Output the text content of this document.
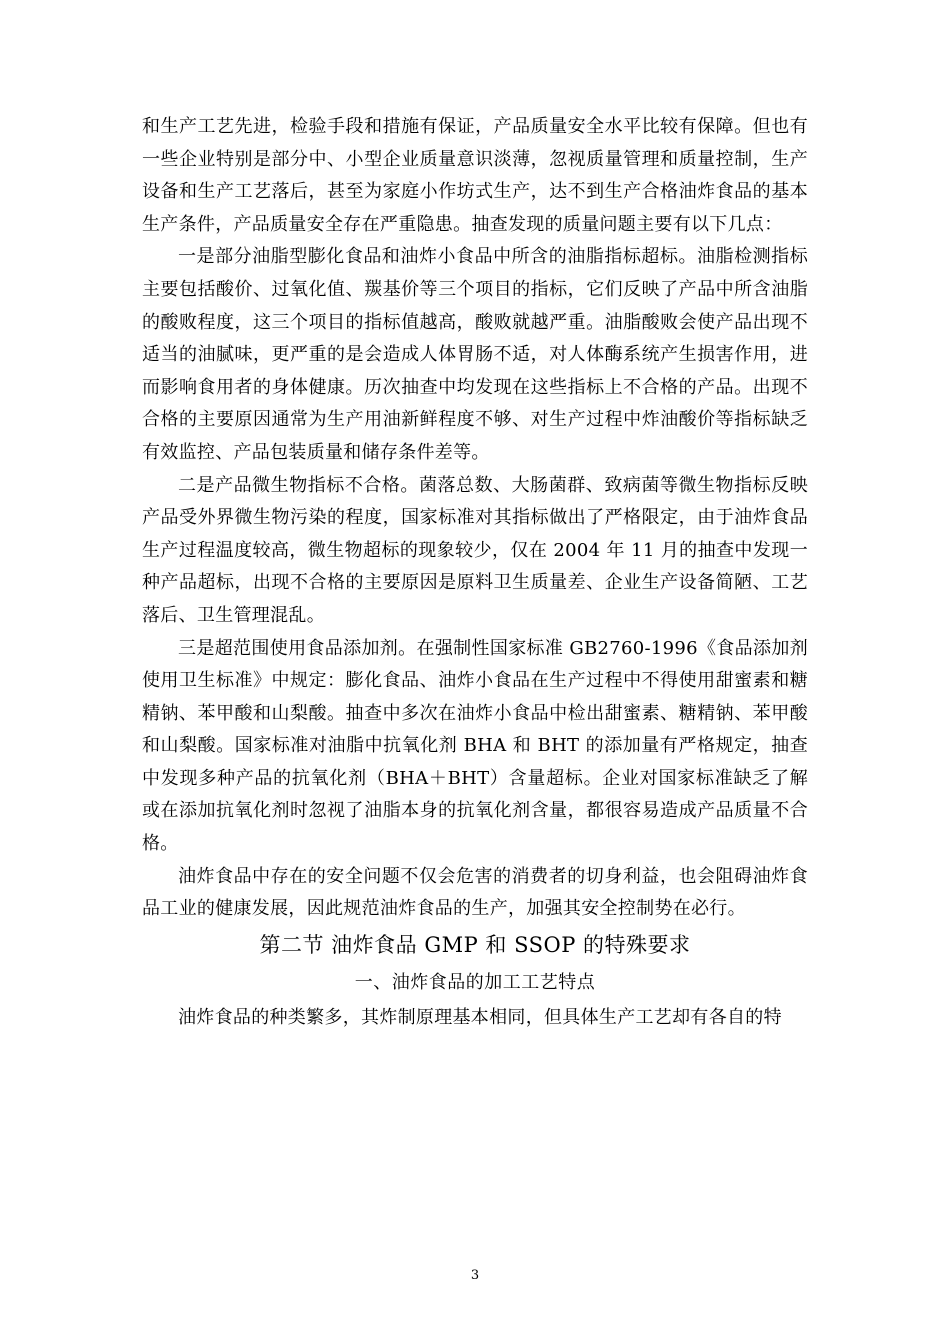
和生产工艺先进，检验手段和措施有保证，产品质量安全水平比较有保障。但也有一些企业特别是部分中、小型企业质量意识淡薄，忽视质量管理和质量控制，生产设备和生产工艺落后，甚至为家庭小作坊式生产，达不到生产合格油炸食品的基本生产条件，产品质量安全存在严重隐患。抽查发现的质量问题主要有以下几点：

一是部分油脂型膨化食品和油炸小食品中所含的油脂指标超标。油脂检测指标主要包括酸价、过氧化值、羰基价等三个项目的指标，它们反映了产品中所含油脂的酸败程度，这三个项目的指标值越高，酸败就越严重。油脂酸败会使产品出现不适当的油腻味，更严重的是会造成人体胃肠不适，对人体酶系统产生损害作用，进而影响食用者的身体健康。历次抽查中均发现在这些指标上不合格的产品。出现不合格的主要原因通常为生产用油新鲜程度不够、对生产过程中炸油酸价等指标缺乏有效监控、产品包装质量和储存条件差等。

二是产品微生物指标不合格。菌落总数、大肠菌群、致病菌等微生物指标反映产品受外界微生物污染的程度，国家标准对其指标做出了严格限定，由于油炸食品生产过程温度较高，微生物超标的现象较少，仅在 2004 年 11 月的抽查中发现一种产品超标，出现不合格的主要原因是原料卫生质量差、企业生产设备简陋、工艺落后、卫生管理混乱。

三是超范围使用食品添加剂。在强制性国家标准 GB2760-1996《食品添加剂使用卫生标准》中规定：膨化食品、油炸小食品在生产过程中不得使用甜蜜素和糖精钠、苯甲酸和山梨酸。抽查中多次在油炸小食品中检出甜蜜素、糖精钠、苯甲酸和山梨酸。国家标准对油脂中抗氧化剂 BHA 和 BHT 的添加量有严格规定，抽查中发现多种产品的抗氧化剂（BHA＋BHT）含量超标。企业对国家标准缺乏了解或在添加抗氧化剂时忽视了油脂本身的抗氧化剂含量，都很容易造成产品质量不合格。

油炸食品中存在的安全问题不仅会危害的消费者的切身利益，也会阻碍油炸食品工业的健康发展，因此规范油炸食品的生产，加强其安全控制势在必行。

第二节 油炸食品 GMP 和 SSOP 的特殊要求
一、油炸食品的加工工艺特点

油炸食品的种类繁多，其炸制原理基本相同，但具体生产工艺却有各自的特

3
